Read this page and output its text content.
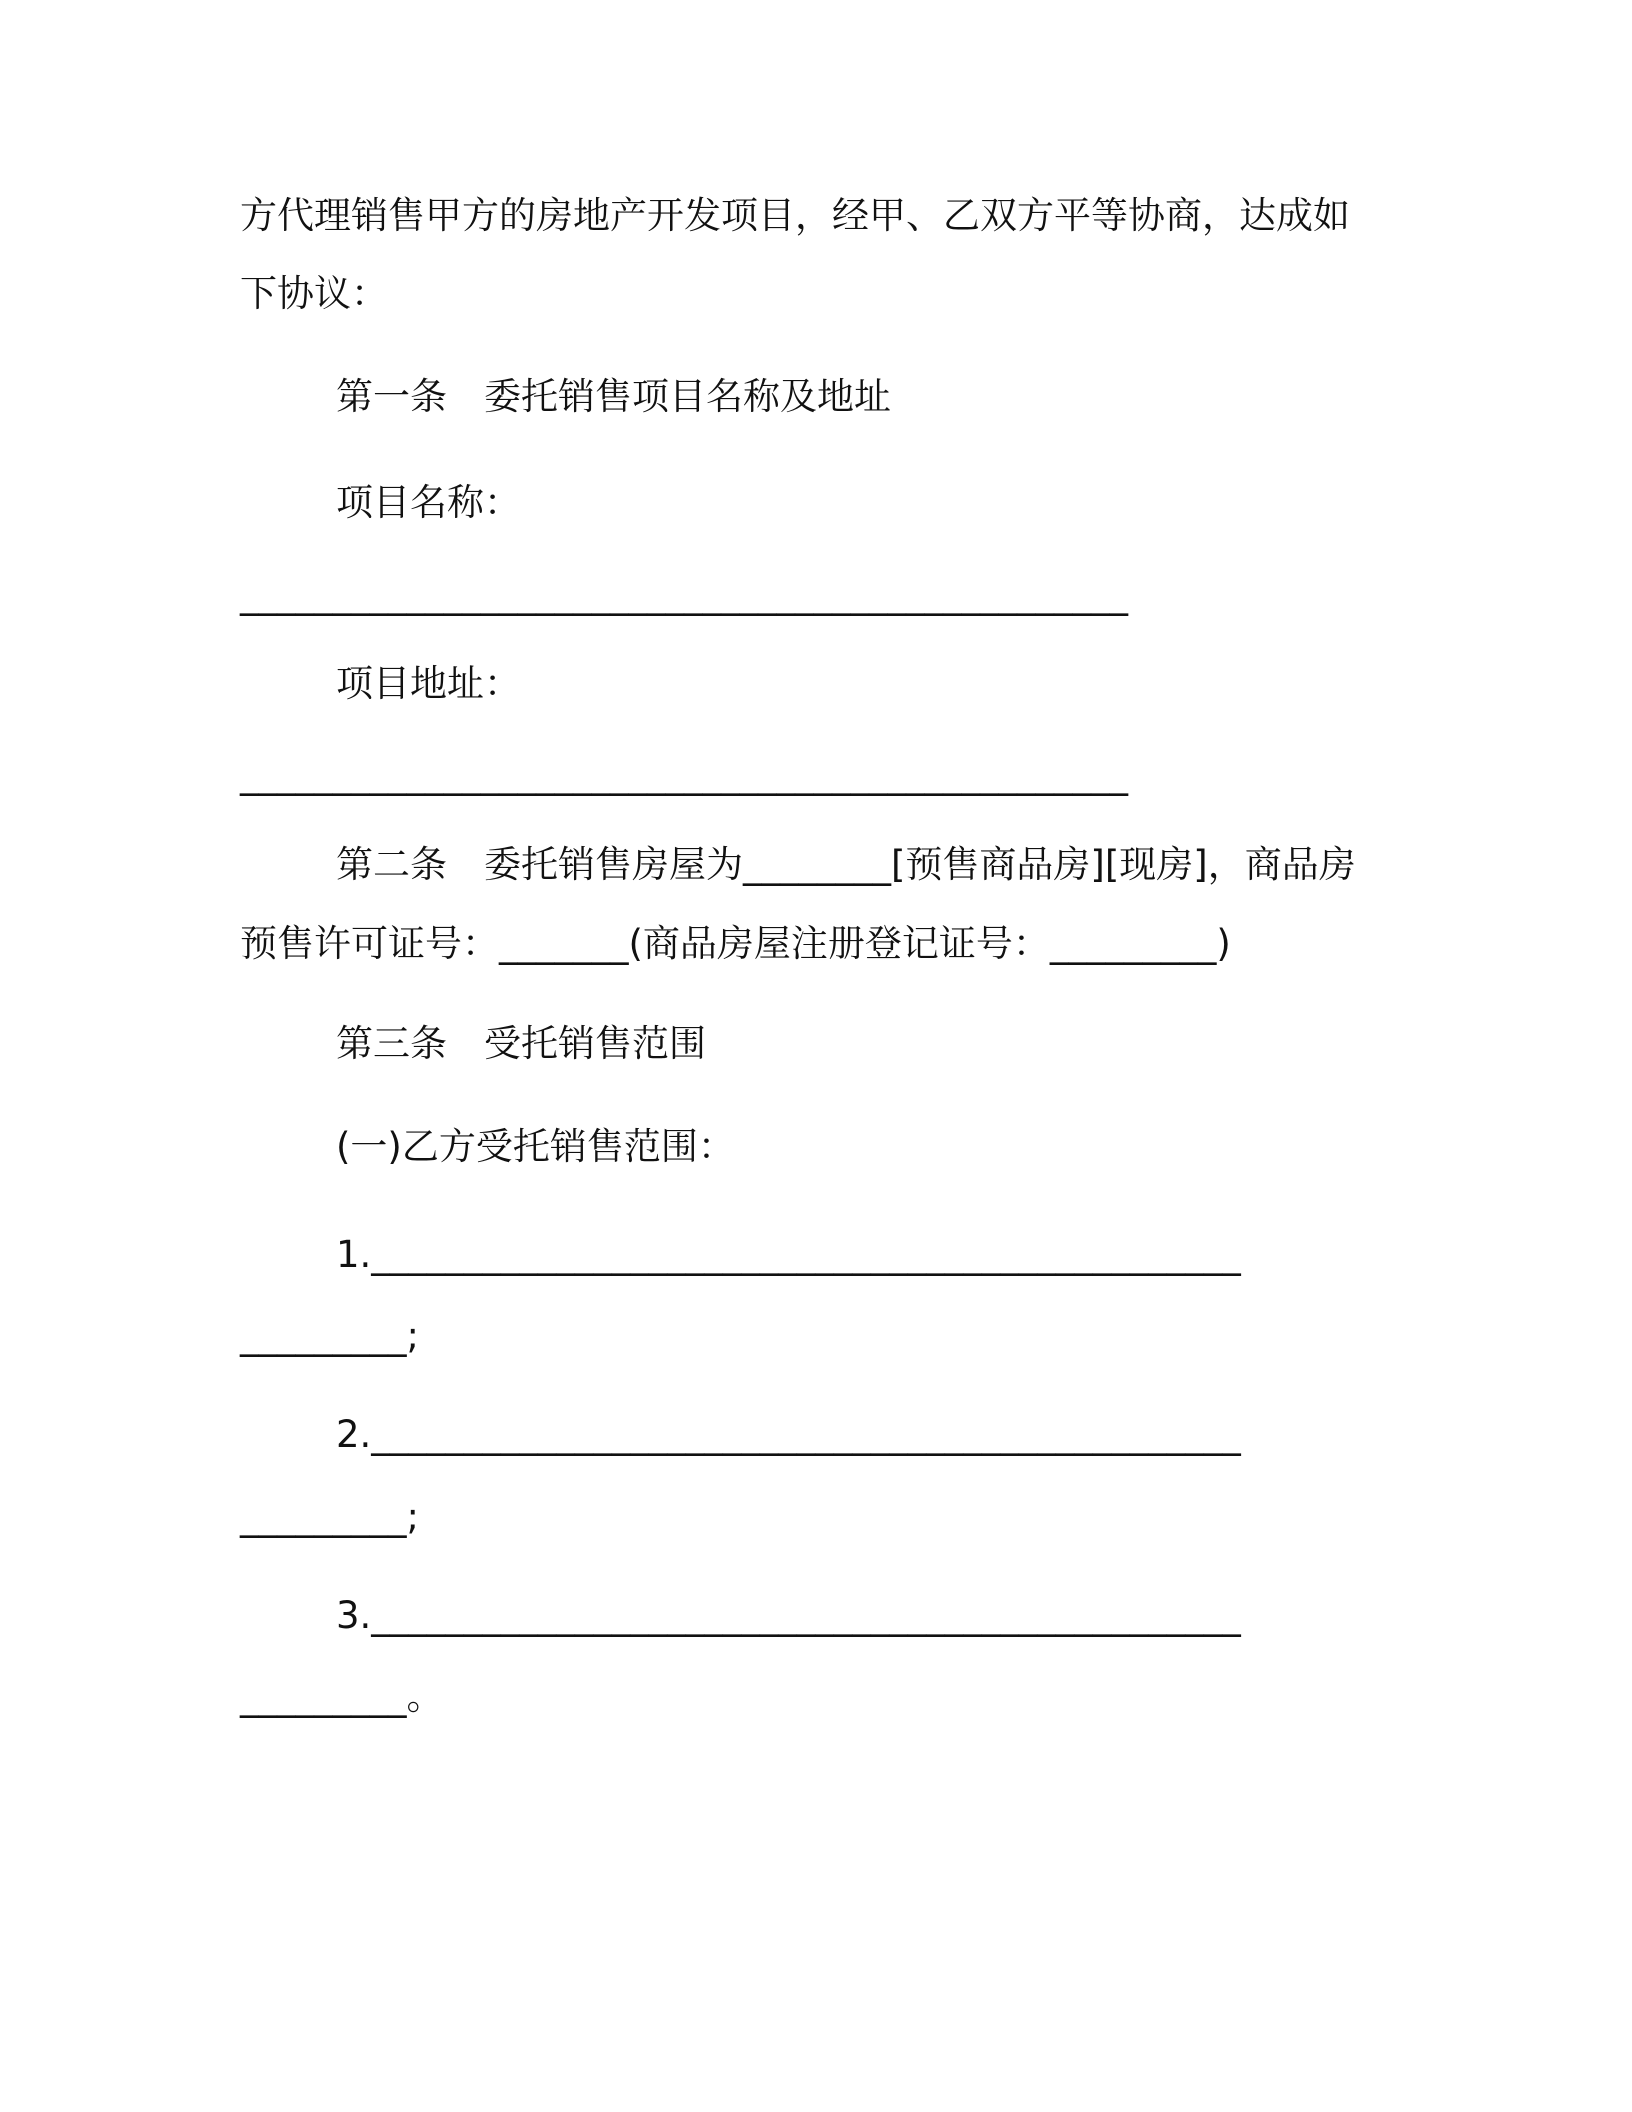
方代理销售甲方的房地产开发项目，经甲、乙双方平等协商，达成如
下协议：
第一条　委托销售项目名称及地址
项目名称：
________________________________________________
项目地址：
________________________________________________
第二条　委托销售房屋为________[预售商品房][现房]，商品房
预售许可证号：_______(商品房屋注册登记证号：_________)
第三条　受托销售范围
(一)乙方受托销售范围：
1._______________________________________________
_________;
2._______________________________________________
_________;
3._______________________________________________
_________。
